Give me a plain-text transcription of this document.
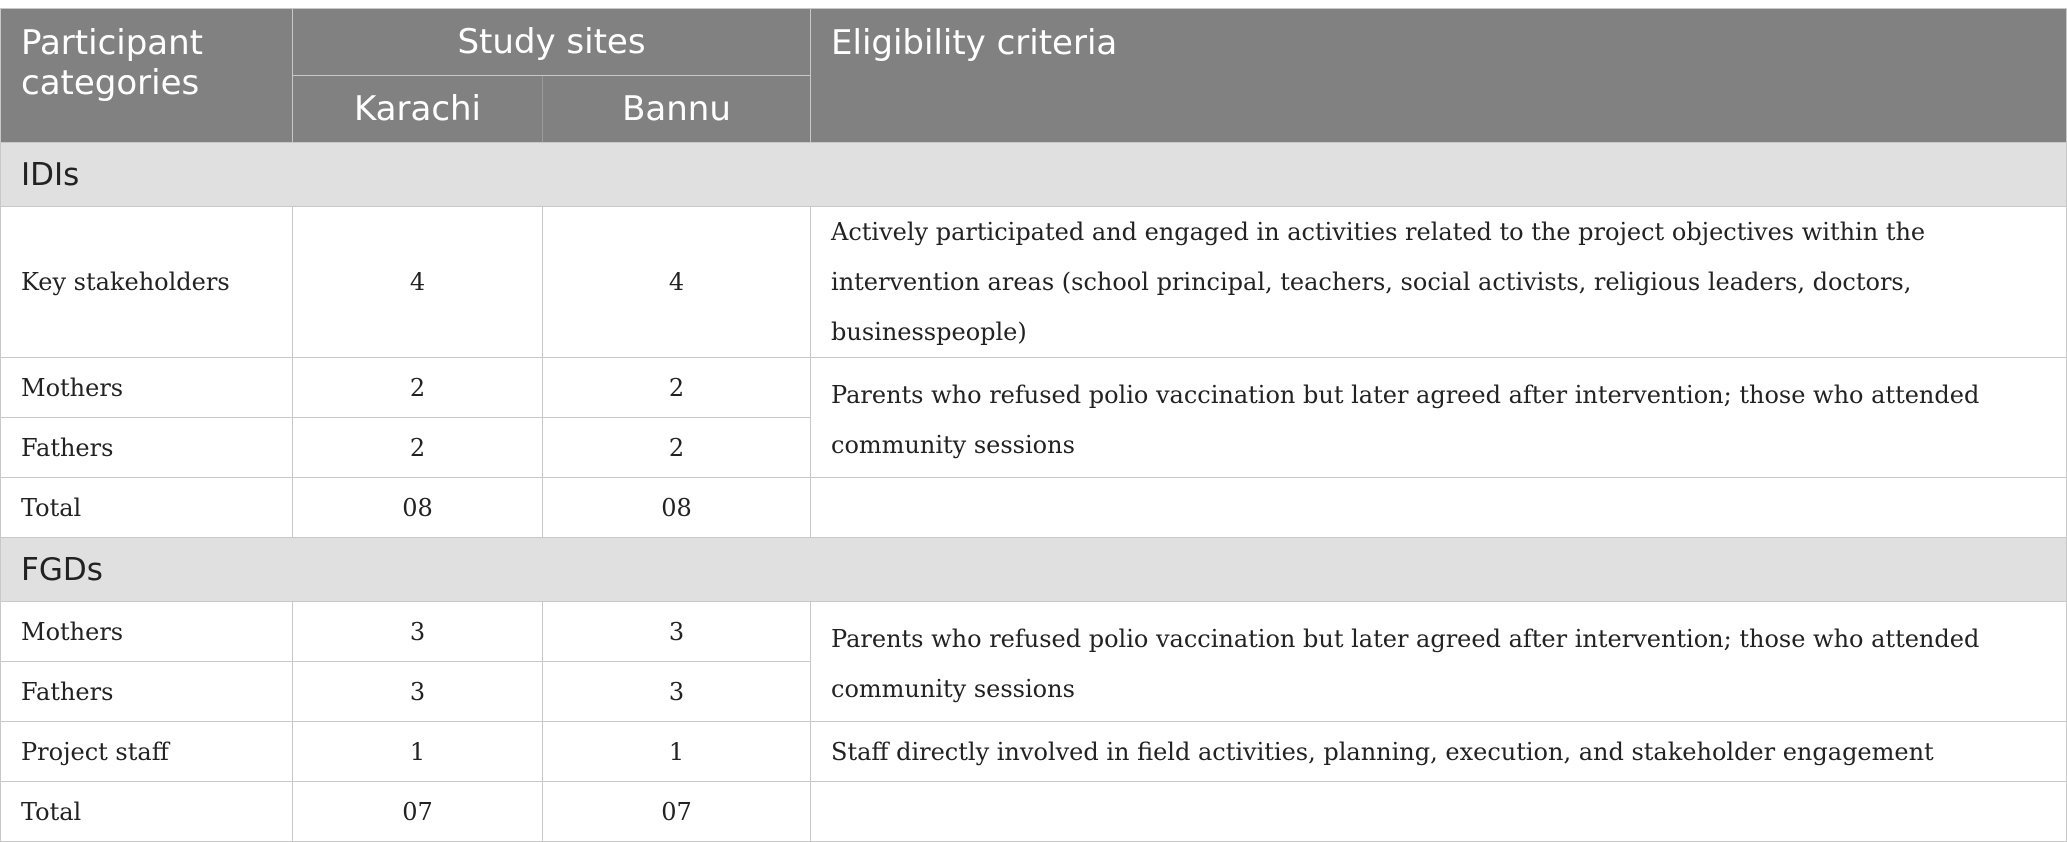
Participant categories	Study sites		Eligibility criteria
	Karachi	Bannu	
IDIs			
Key stakeholders	4	4	Actively participated and engaged in activities related to the project objectives within the intervention areas (school principal, teachers, social activists, religious leaders, doctors, businesspeople)
Mothers	2	2	Parents who refused polio vaccination but later agreed after intervention; those who attended community sessions
Fathers	2	2	
Total	08	08	
FGDs			
Mothers	3	3	Parents who refused polio vaccination but later agreed after intervention; those who attended community sessions
Fathers	3	3	
Project staff	1	1	Staff directly involved in field activities, planning, execution, and stakeholder engagement
Total	07	07	
